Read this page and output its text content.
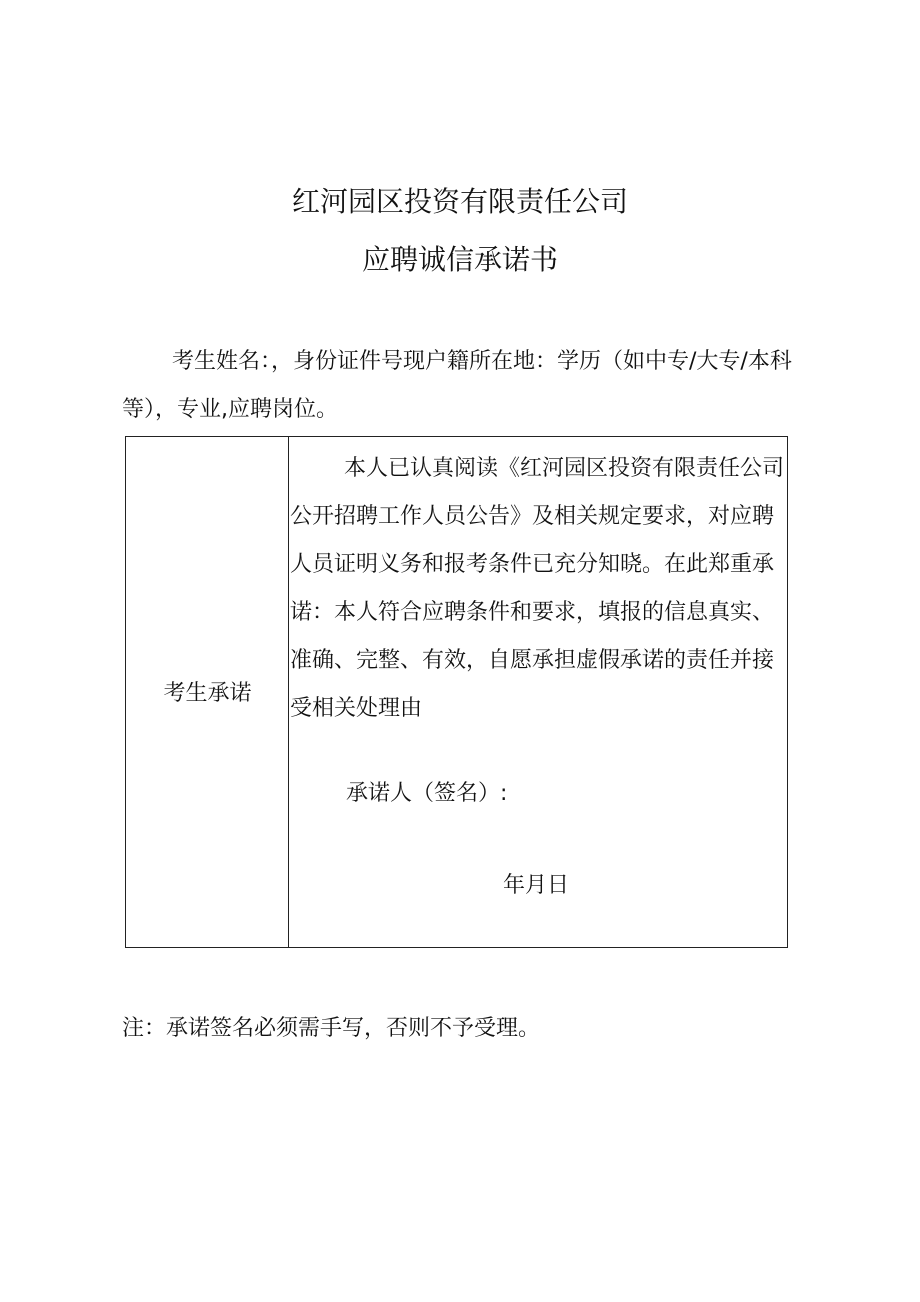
红河园区投资有限责任公司
应聘诚信承诺书

考生姓名：，身份证件号现户籍所在地：学历（如中专/大专/本科等），专业,应聘岗位。

考生承诺

本人已认真阅读《红河园区投资有限责任公司公开招聘工作人员公告》及相关规定要求，对应聘人员证明义务和报考条件已充分知晓。在此郑重承诺：本人符合应聘条件和要求，填报的信息真实、准确、完整、有效，自愿承担虚假承诺的责任并接受相关处理由

承诺人（签名）:
年月日

注：承诺签名必须需手写，否则不予受理。
